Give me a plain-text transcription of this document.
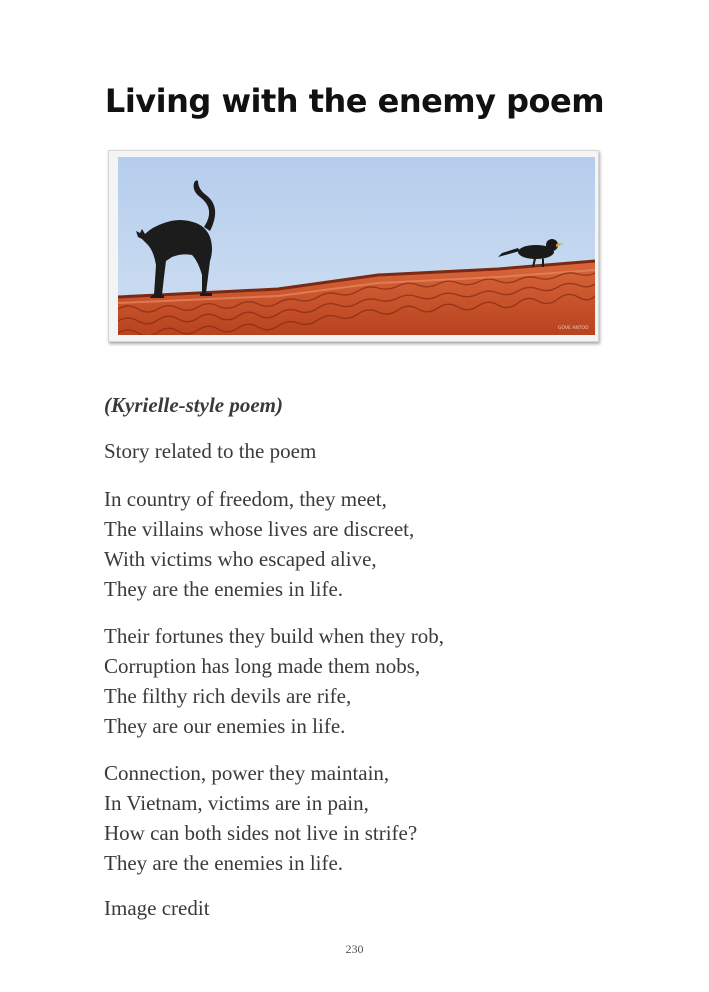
Living with the enemy poem
GOVE ANTOO

(Kyrielle-style poem)

Story related to the poem

In country of freedom, they meet,
The villains whose lives are discreet,
With victims who escaped alive,
They are the enemies in life.
Their fortunes they build when they rob,
Corruption has long made them nobs,
The filthy rich devils are rife,
They are our enemies in life.
Connection, power they maintain,
In Vietnam, victims are in pain,
How can both sides not live in strife?
They are the enemies in life.

Image credit

230
